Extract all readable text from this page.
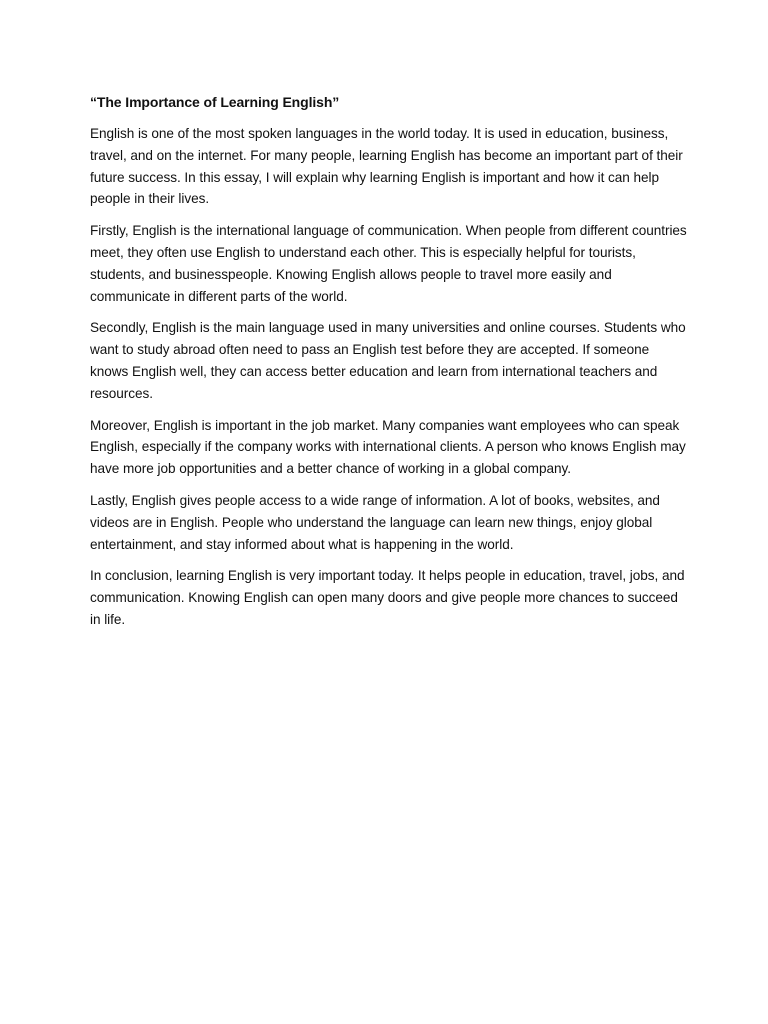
“The Importance of Learning English”

English is one of the most spoken languages in the world today. It is used in education, business, travel, and on the internet. For many people, learning English has become an important part of their future success. In this essay, I will explain why learning English is important and how it can help people in their lives.

Firstly, English is the international language of communication. When people from different countries meet, they often use English to understand each other. This is especially helpful for tourists, students, and businesspeople. Knowing English allows people to travel more easily and communicate in different parts of the world.

Secondly, English is the main language used in many universities and online courses. Students who want to study abroad often need to pass an English test before they are accepted. If someone knows English well, they can access better education and learn from international teachers and resources.

Moreover, English is important in the job market. Many companies want employees who can speak English, especially if the company works with international clients. A person who knows English may have more job opportunities and a better chance of working in a global company.

Lastly, English gives people access to a wide range of information. A lot of books, websites, and videos are in English. People who understand the language can learn new things, enjoy global entertainment, and stay informed about what is happening in the world.

In conclusion, learning English is very important today. It helps people in education, travel, jobs, and communication. Knowing English can open many doors and give people more chances to succeed in life.
